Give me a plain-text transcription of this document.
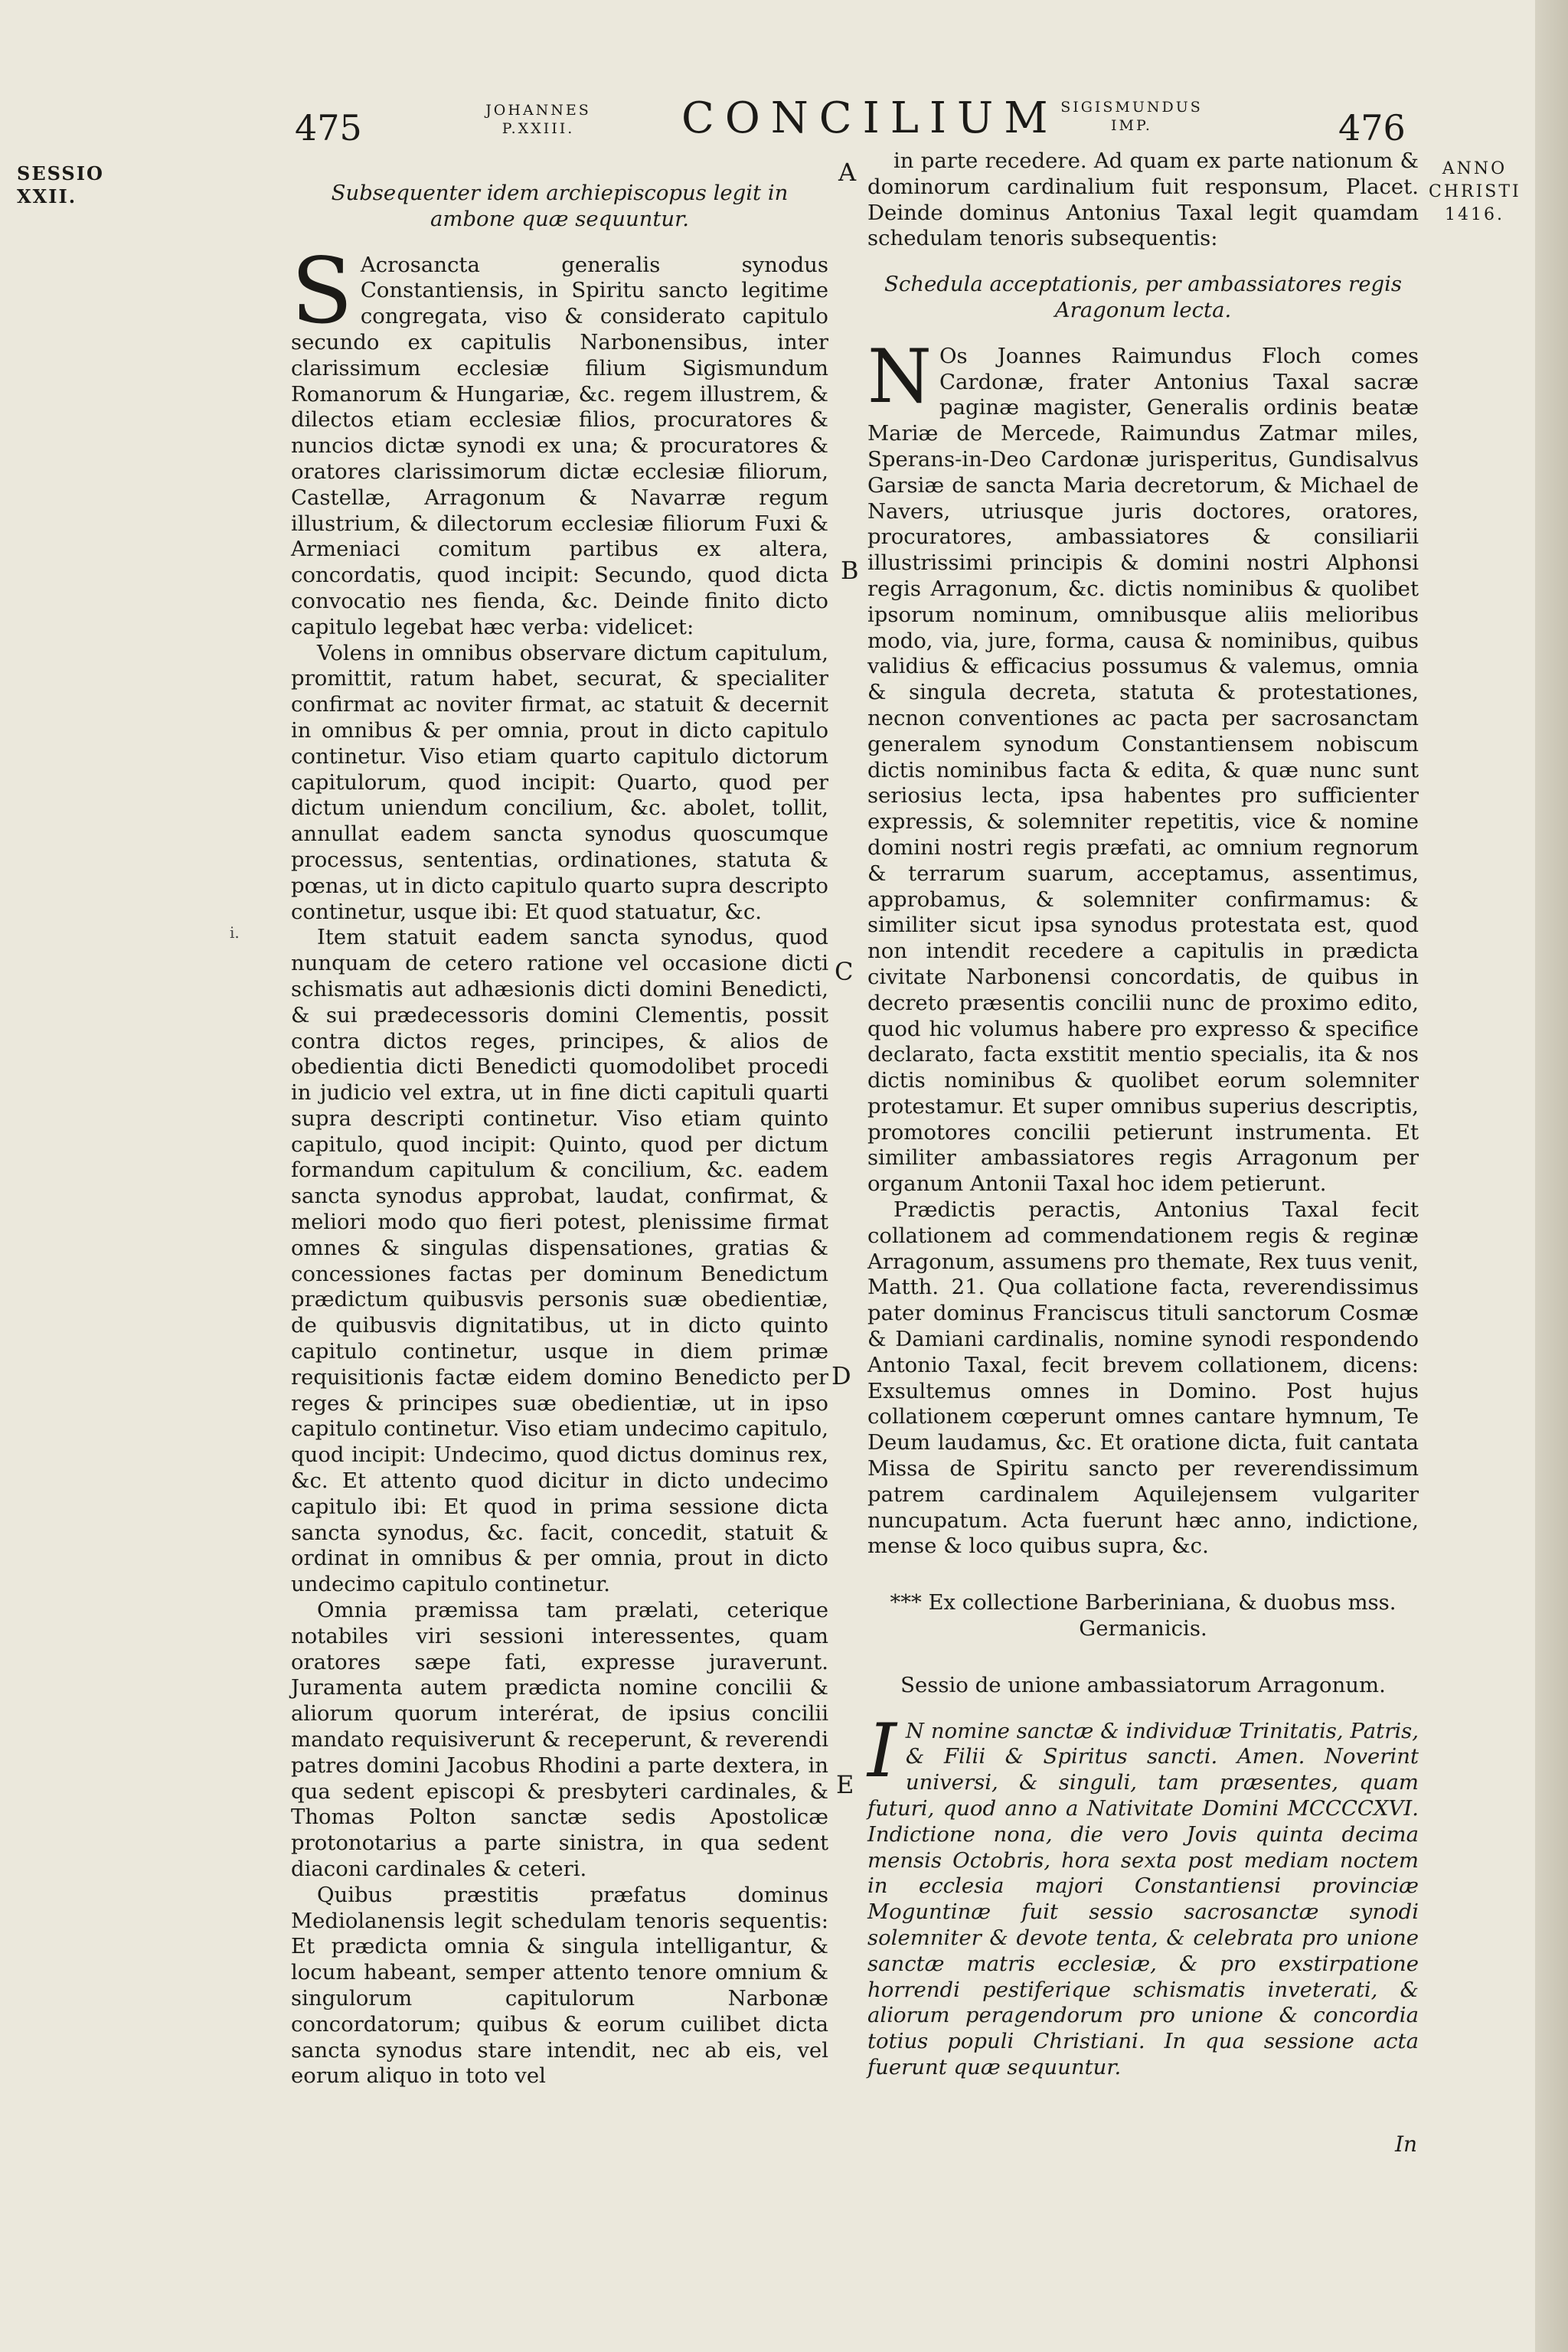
475	JOHANNES P.XXIII.	CONCILIUM SIGISMUNDUS IMP.	476
SESSIO XXII.
ANNO CHRISTI 1416.
A
B
C
D
E
i.

Subsequenter idem archiepiscopus legit in ambone quæ sequuntur.

S Acrosancta generalis synodus Constantiensis, in Spiritu sancto legitime congregata, viso & considerato capitulo secundo ex capitulis Narbonensibus, inter clarissimum ecclesiæ filium Sigismundum Romanorum & Hungariæ, &c. regem illustrem, & dilectos etiam ecclesiæ filios, procuratores & nuncios dictæ synodi ex una; & procuratores & oratores clarissimorum dictæ ecclesiæ filiorum, Castellæ, Arragonum & Navarræ regum illustrium, & dilectorum ecclesiæ filiorum Fuxi & Armeniaci comitum partibus ex altera, concordatis, quod incipit: Secundo, quod dicta convocatio nes fienda, &c. Deinde finito dicto capitulo legebat hæc verba: videlicet:

Volens in omnibus observare dictum capitulum, promittit, ratum habet, securat, & specialiter confirmat ac noviter firmat, ac statuit & decernit in omnibus & per omnia, prout in dicto capitulo continetur. Viso etiam quarto capitulo dictorum capitulorum, quod incipit: Quarto, quod per dictum uniendum concilium, &c. abolet, tollit, annullat eadem sancta synodus quoscumque processus, sententias, ordinationes, statuta & pœnas, ut in dicto capitulo quarto supra descripto continetur, usque ibi: Et quod statuatur, &c.

Item statuit eadem sancta synodus, quod nunquam de cetero ratione vel occasione dicti schismatis aut adhæsionis dicti domini Benedicti, & sui prædecessoris domini Clementis, possit contra dictos reges, principes, & alios de obedientia dicti Benedicti quomodolibet procedi in judicio vel extra, ut in fine dicti capituli quarti supra descripti continetur. Viso etiam quinto capitulo, quod incipit: Quinto, quod per dictum formandum capitulum & concilium, &c. eadem sancta synodus approbat, laudat, confirmat, & meliori modo quo fieri potest, plenissime firmat omnes & singulas dispensationes, gratias & concessiones factas per dominum Benedictum prædictum quibusvis personis suæ obedientiæ, de quibusvis dignitatibus, ut in dicto quinto capitulo continetur, usque in diem primæ requisitionis factæ eidem domino Benedicto per reges & principes suæ obedientiæ, ut in ipso capitulo continetur. Viso etiam undecimo capitulo, quod incipit: Undecimo, quod dictus dominus rex, &c. Et attento quod dicitur in dicto undecimo capitulo ibi: Et quod in prima sessione dicta sancta synodus, &c. facit, concedit, statuit & ordinat in omnibus & per omnia, prout in dicto undecimo capitulo continetur.

Omnia præmissa tam prælati, ceterique notabiles viri sessioni interessentes, quam oratores sæpe fati, expresse juraverunt. Juramenta autem prædicta nomine concilii & aliorum quorum interérat, de ipsius concilii mandato requisiverunt & receperunt, & reverendi patres domini Jacobus Rhodini a parte dextera, in qua sedent episcopi & presbyteri cardinales, & Thomas Polton sanctæ sedis Apostolicæ protonotarius a parte sinistra, in qua sedent diaconi cardinales & ceteri.

Quibus præstitis præfatus dominus Mediolanensis legit schedulam tenoris sequentis: Et prædicta omnia & singula intelligantur, & locum habeant, semper attento tenore omnium & singulorum capitulorum Narbonæ concordatorum; quibus & eorum cuilibet dicta sancta synodus stare intendit, nec ab eis, vel eorum aliquo in toto vel

in parte recedere. Ad quam ex parte nationum & dominorum cardinalium fuit responsum, Placet. Deinde dominus Antonius Taxal legit quamdam schedulam tenoris subsequentis:

Schedula acceptationis, per ambassiatores regis Aragonum lecta.

N Os Joannes Raimundus Floch comes Cardonæ, frater Antonius Taxal sacræ paginæ magister, Generalis ordinis beatæ Mariæ de Mercede, Raimundus Zatmar miles, Sperans-in-Deo Cardonæ jurisperitus, Gundisalvus Garsiæ de sancta Maria decretorum, & Michael de Navers, utriusque juris doctores, oratores, procuratores, ambassiatores & consiliarii illustrissimi principis & domini nostri Alphonsi regis Arragonum, &c. dictis nominibus & quolibet ipsorum nominum, omnibusque aliis melioribus modo, via, jure, forma, causa & nominibus, quibus validius & efficacius possumus & valemus, omnia & singula decreta, statuta & protestationes, necnon conventiones ac pacta per sacrosanctam generalem synodum Constantiensem nobiscum dictis nominibus facta & edita, & quæ nunc sunt seriosius lecta, ipsa habentes pro sufficienter expressis, & solemniter repetitis, vice & nomine domini nostri regis præfati, ac omnium regnorum & terrarum suarum, acceptamus, assentimus, approbamus, & solemniter confirmamus: & similiter sicut ipsa synodus protestata est, quod non intendit recedere a capitulis in prædicta civitate Narbonensi concordatis, de quibus in decreto præsentis concilii nunc de proximo edito, quod hic volumus habere pro expresso & specifice declarato, facta exstitit mentio specialis, ita & nos dictis nominibus & quolibet eorum solemniter protestamur. Et super omnibus superius descriptis, promotores concilii petierunt instrumenta. Et similiter ambassiatores regis Arragonum per organum Antonii Taxal hoc idem petierunt.

Prædictis peractis, Antonius Taxal fecit collationem ad commendationem regis & reginæ Arragonum, assumens pro themate, Rex tuus venit, Matth. 21. Qua collatione facta, reverendissimus pater dominus Franciscus tituli sanctorum Cosmæ & Damiani cardinalis, nomine synodi respondendo Antonio Taxal, fecit brevem collationem, dicens: Exsultemus omnes in Domino. Post hujus collationem cœperunt omnes cantare hymnum, Te Deum laudamus, &c. Et oratione dicta, fuit cantata Missa de Spiritu sancto per reverendissimum patrem cardinalem Aquilejensem vulgariter nuncupatum. Acta fuerunt hæc anno, indictione, mense & loco quibus supra, &c.

*** Ex collectione Barberiniana, & duobus mss. Germanicis.

Sessio de unione ambassiatorum Arragonum.

I N nomine sanctæ & individuæ Trinitatis, Patris, & Filii & Spiritus sancti. Amen. Noverint universi, & singuli, tam præsentes, quam futuri, quod anno a Nativitate Domini MCCCCXVI. Indictione nona, die vero Jovis quinta decima mensis Octobris, hora sexta post mediam noctem in ecclesia majori Constantiensi provinciæ Moguntinæ fuit sessio sacrosanctæ synodi solemniter & devote tenta, & celebrata pro unione sanctæ matris ecclesiæ, & pro exstirpatione horrendi pestiferique schismatis inveterati, & aliorum peragendorum pro unione & concordia totius populi Christiani. In qua sessione acta fuerunt quæ sequuntur.

In
